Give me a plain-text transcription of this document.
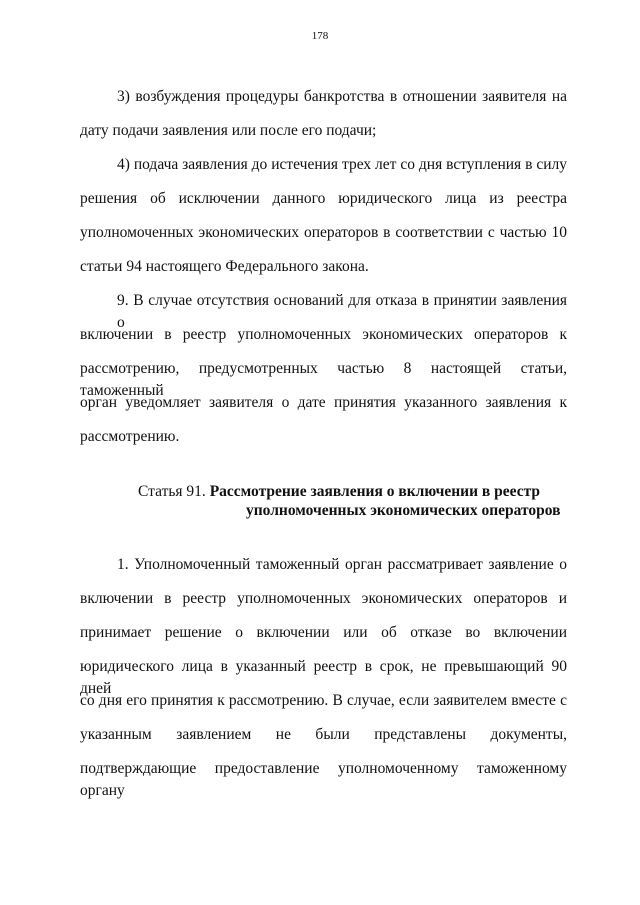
178
3) возбуждения процедуры банкротства в отношении заявителя на
дату подачи заявления или после его подачи;
4) подача заявления до истечения трех лет со дня вступления в силу
решения об исключении данного юридического лица из реестра
уполномоченных экономических операторов в соответствии с частью 10
статьи 94 настоящего Федерального закона.
9. В случае отсутствия оснований для отказа в принятии заявления о
включении в реестр уполномоченных экономических операторов к
рассмотрению, предусмотренных частью 8 настоящей статьи, таможенный
орган уведомляет заявителя о дате принятия указанного заявления к
рассмотрению.
Статья 91. Рассмотрение заявления о включении в реестр
уполномоченных экономических операторов
1. Уполномоченный таможенный орган рассматривает заявление о
включении в реестр уполномоченных экономических операторов и
принимает решение о включении или об отказе во включении
юридического лица в указанный реестр в срок, не превышающий 90 дней
со дня его принятия к рассмотрению. В случае, если заявителем вместе с
указанным заявлением не были представлены документы,
подтверждающие предоставление уполномоченному таможенному органу
